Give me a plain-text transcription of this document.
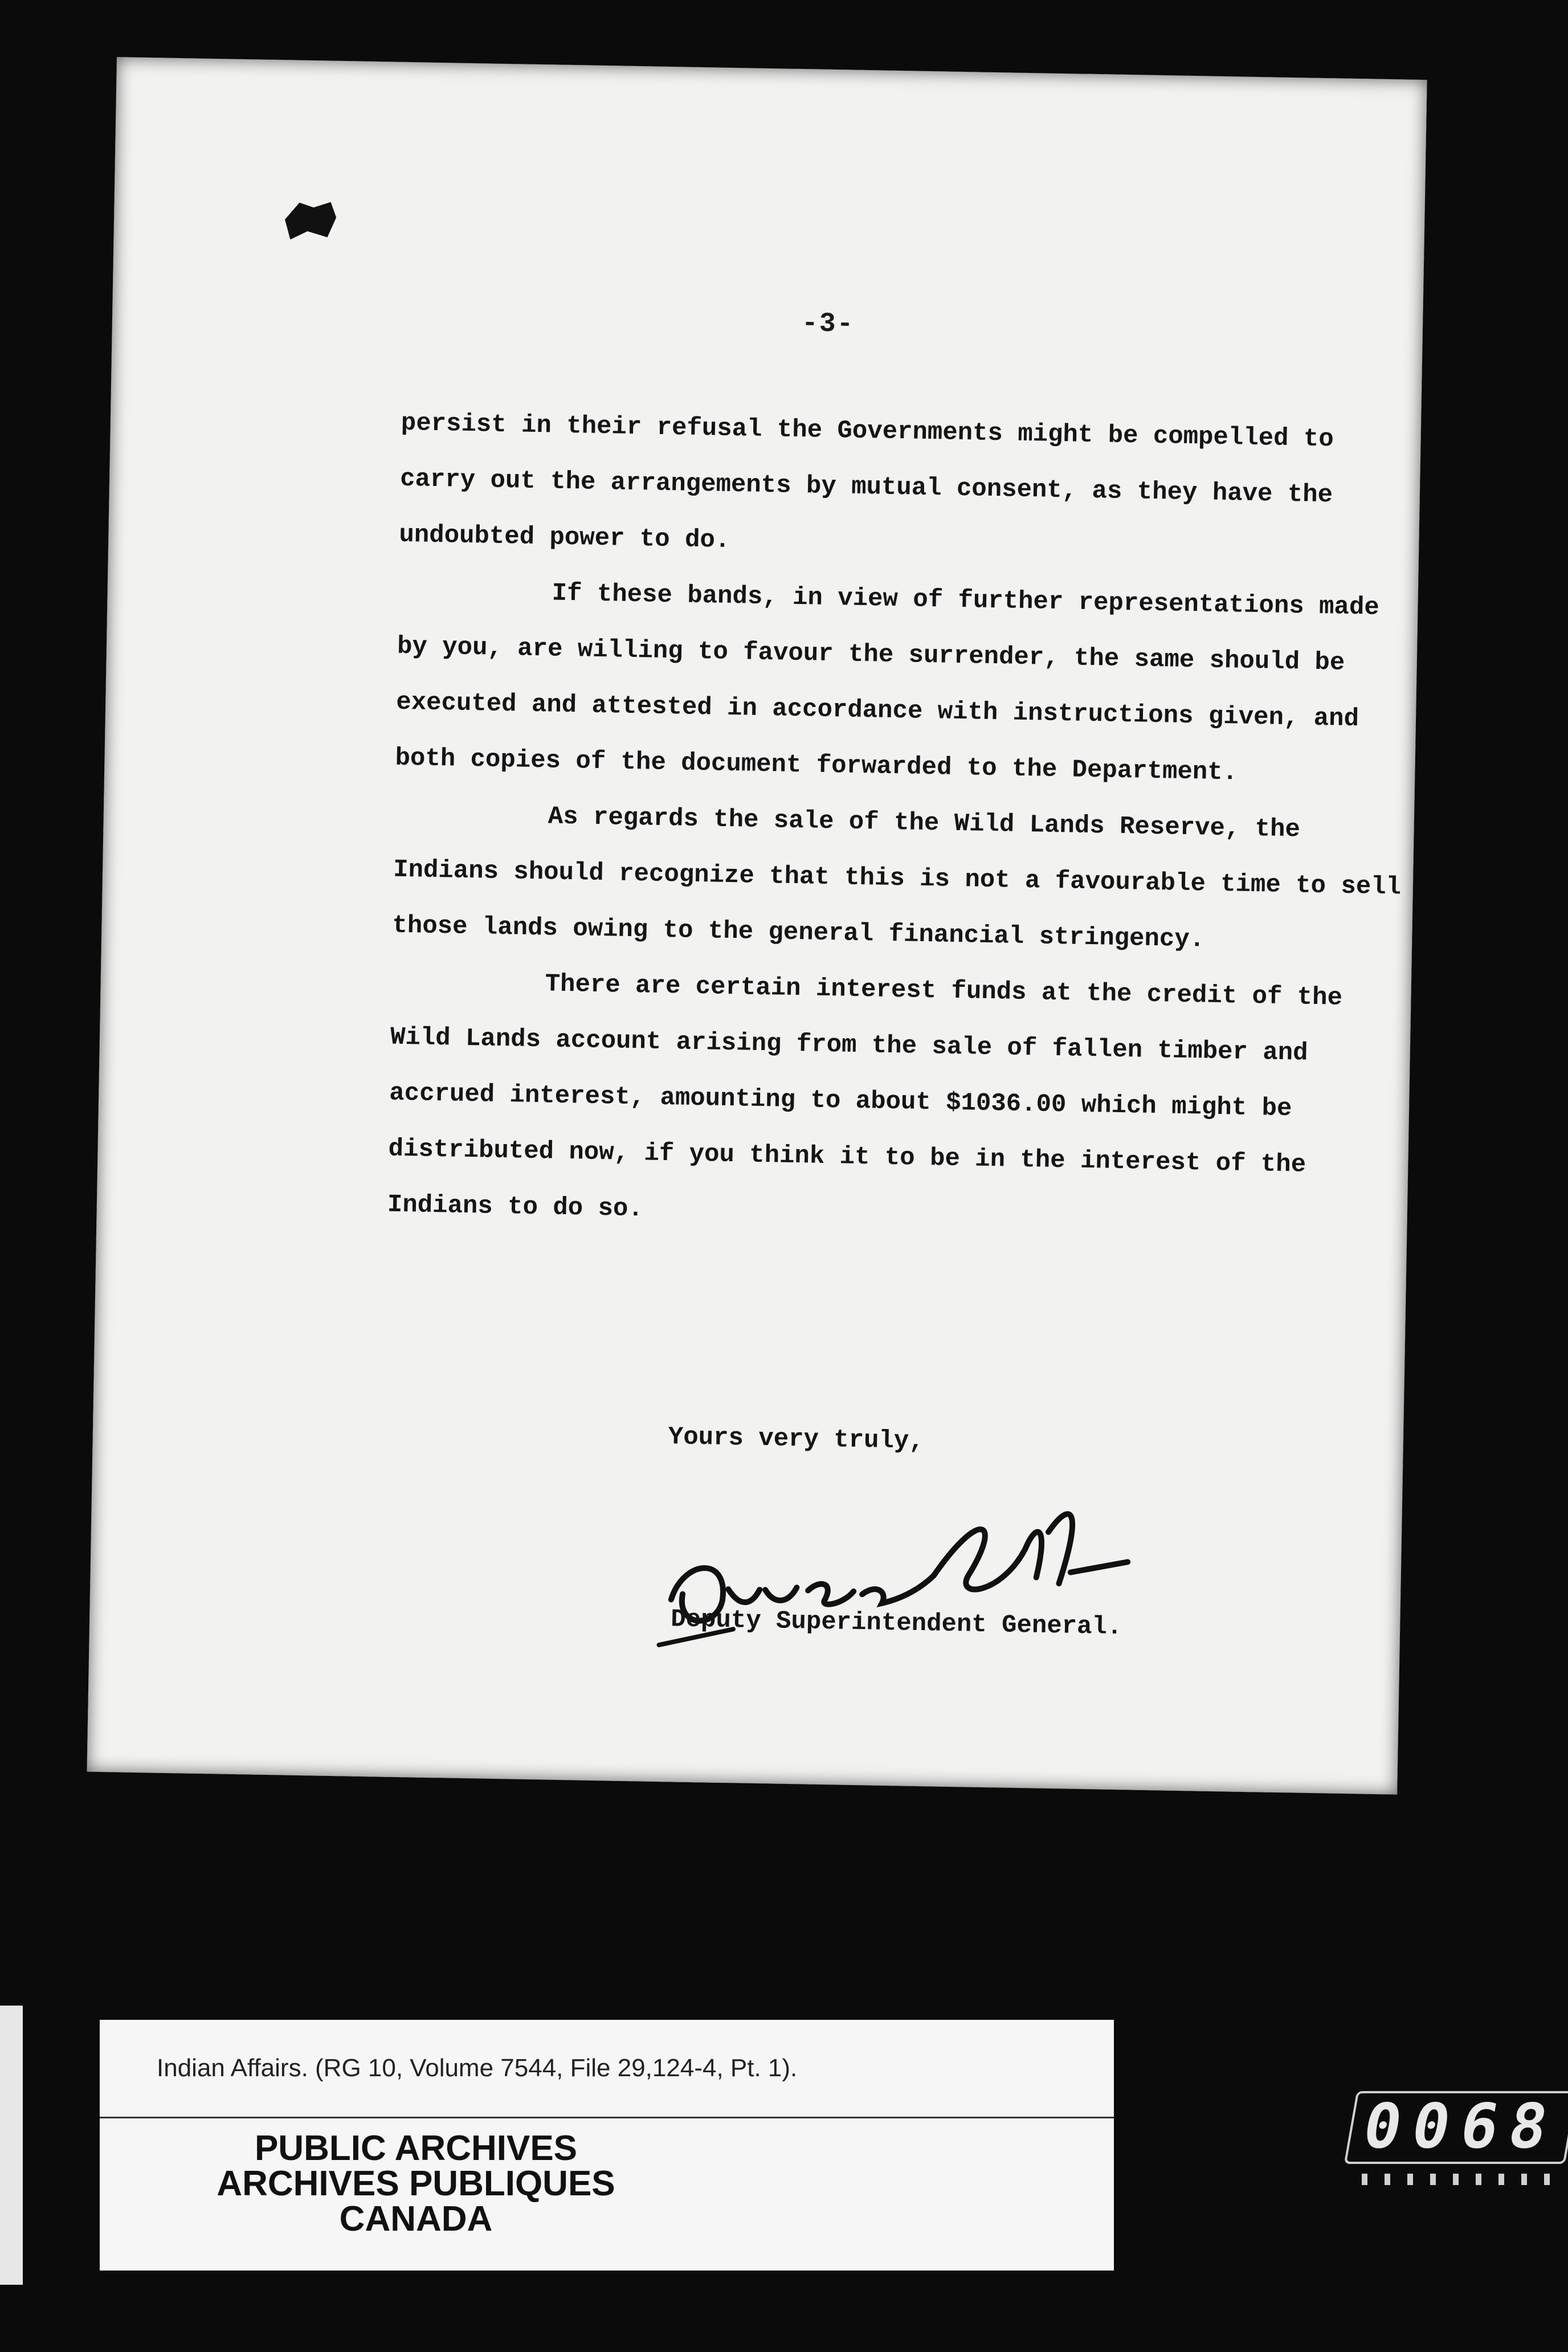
-3-

persist in their refusal the Governments might be compelled to carry out the arrangements by mutual consent, as they have the undoubted power to do.

If these bands, in view of further representations made by you, are willing to favour the surrender, the same should be executed and attested in accordance with instructions given, and both copies of the document forwarded to the Department.

As regards the sale of the Wild Lands Reserve, the Indians should recognize that this is not a favourable time to sell those lands owing to the general financial stringency.

There are certain interest funds at the credit of the Wild Lands account arising from the sale of fallen timber and accrued interest, amounting to about $1036.00 which might be distributed now, if you think it to be in the interest of the Indians to do so.

Yours very truly,
Deputy Superintendent General.
Indian Affairs. (RG 10, Volume 7544, File 29,124-4, Pt. 1).
PUBLIC ARCHIVES
ARCHIVES PUBLIQUES
CANADA
0068
